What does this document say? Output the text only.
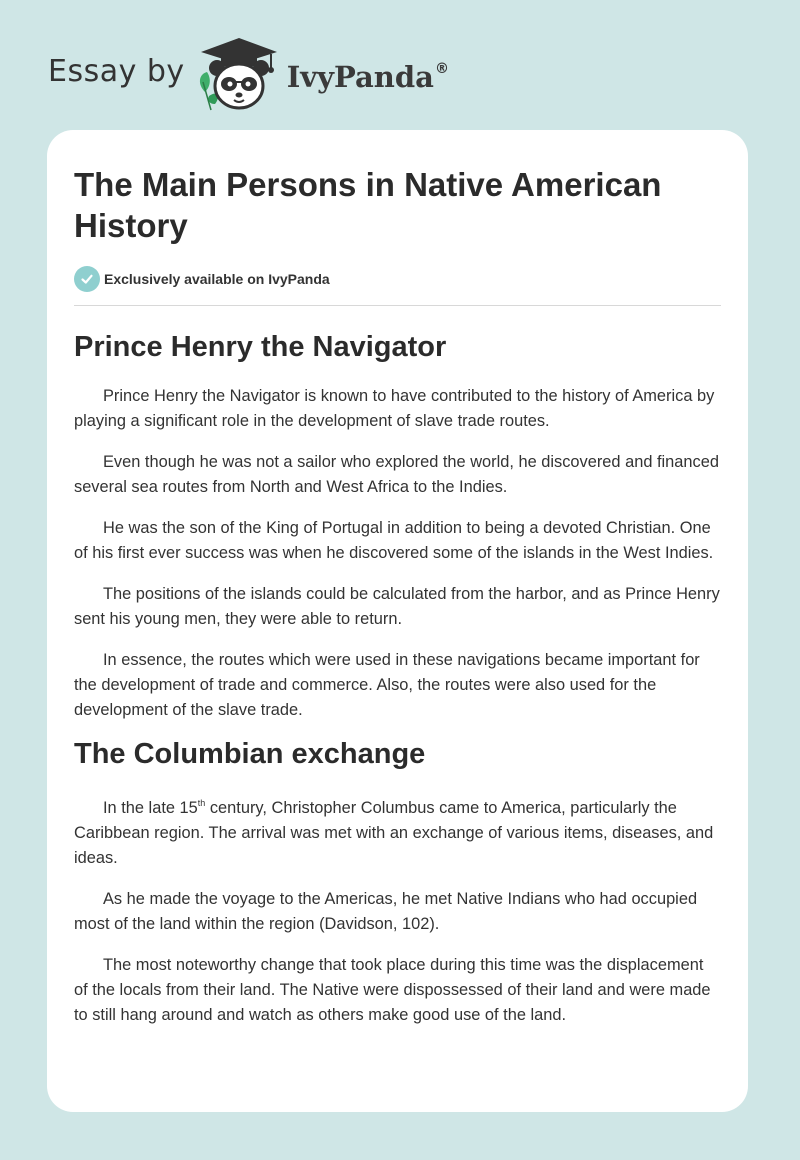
Essay by	IvyPanda®
The Main Persons in Native American History
Exclusively available on IvyPanda
Prince Henry the Navigator

Prince Henry the Navigator is known to have contributed to the history of America by playing a significant role in the development of slave trade routes.

Even though he was not a sailor who explored the world, he discovered and financed several sea routes from North and West Africa to the Indies.

He was the son of the King of Portugal in addition to being a devoted Christian. One of his first ever success was when he discovered some of the islands in the West Indies.

The positions of the islands could be calculated from the harbor, and as Prince Henry sent his young men, they were able to return.

In essence, the routes which were used in these navigations became important for the development of trade and commerce. Also, the routes were also used for the development of the slave trade.

The Columbian exchange

In the late 15th century, Christopher Columbus came to America, particularly the Caribbean region. The arrival was met with an exchange of various items, diseases, and ideas.

As he made the voyage to the Americas, he met Native Indians who had occupied most of the land within the region (Davidson, 102).

The most noteworthy change that took place during this time was the displacement of the locals from their land. The Native were dispossessed of their land and were made to still hang around and watch as others make good use of the land.
